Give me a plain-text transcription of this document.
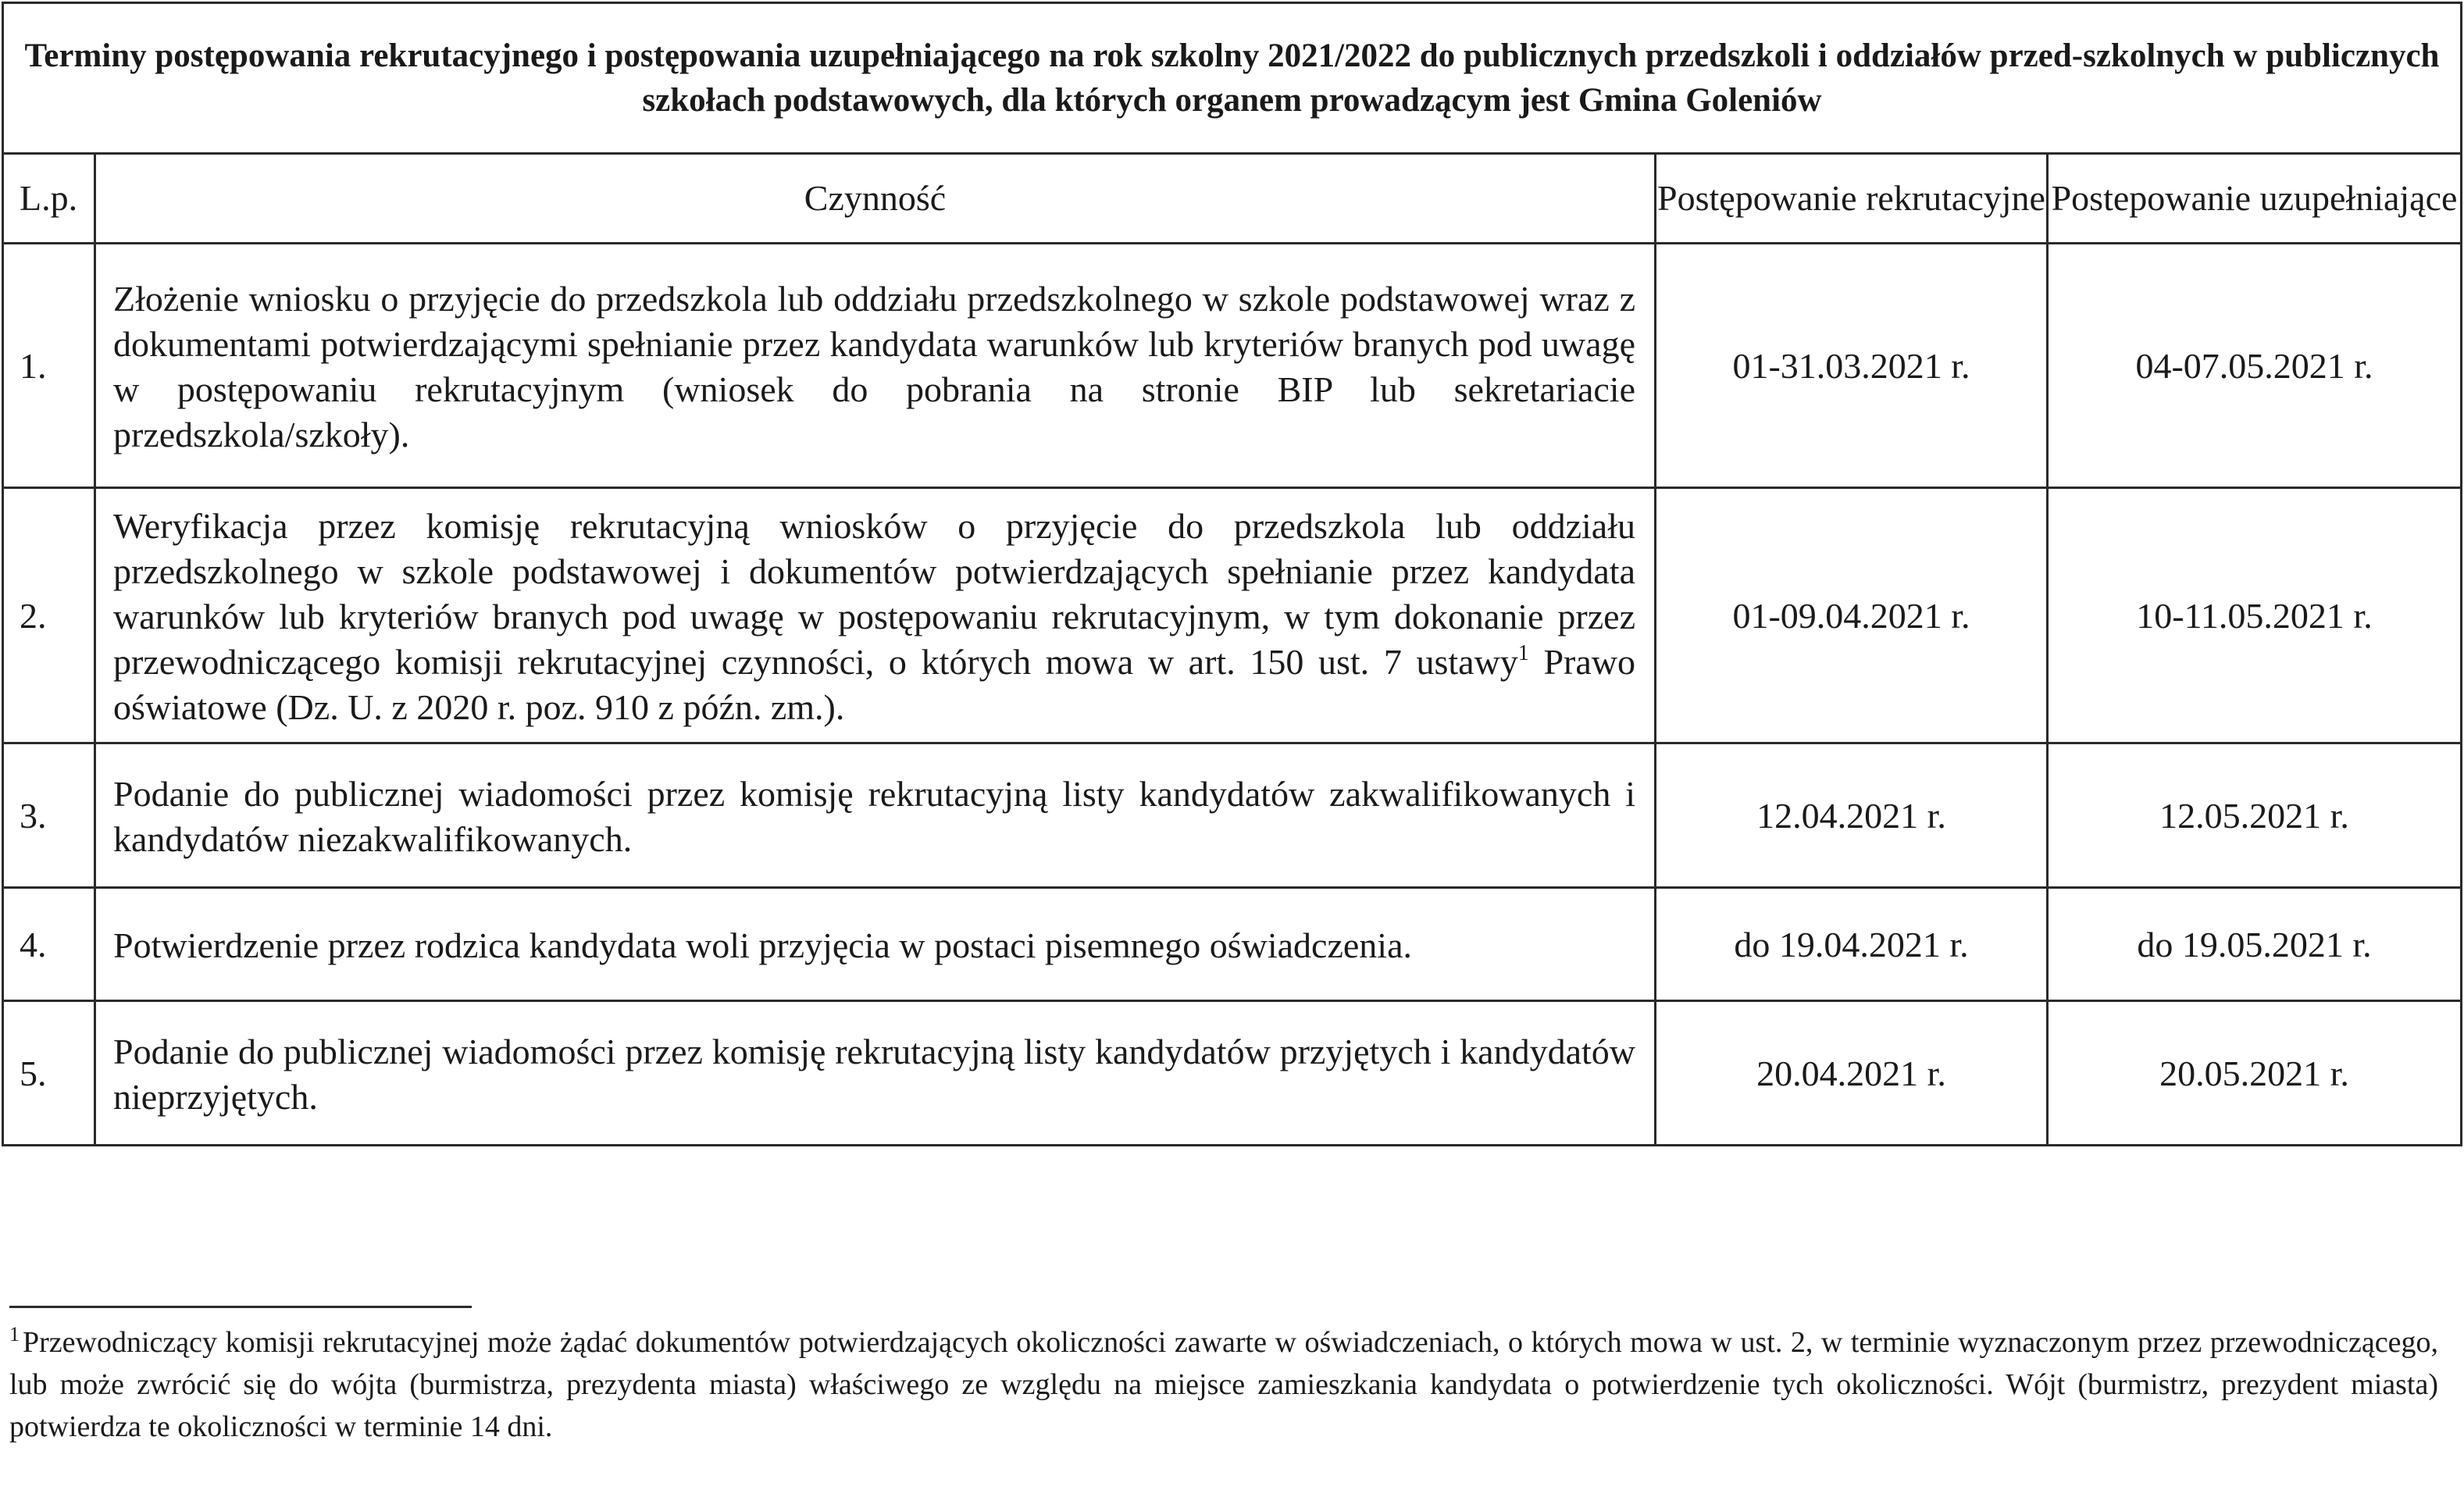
Terminy postępowania rekrutacyjnego i postępowania uzupełniającego na rok szkolny 2021/2022 do publicznych przedszkoli i oddziałów przed-szkolnych w publicznych szkołach podstawowych, dla których organem prowadzącym jest Gmina Goleniów			
L.p.	Czynność	Postępowanie rekrutacyjne	Postepowanie uzupełniające
1.	Złożenie wniosku o przyjęcie do przedszkola lub oddziału przedszkolnego w szkole podstawowej wraz z dokumentami potwierdzającymi spełnianie przez kandydata warunków lub kryteriów branych pod uwagę w postępowaniu rekrutacyjnym (wniosek do pobrania na stronie BIP lub sekretariacie przedszkola/szkoły).	01-31.03.2021 r.	04-07.05.2021 r.
2.	Weryfikacja przez komisję rekrutacyjną wniosków o przyjęcie do przedszkola lub oddziału przedszkolnego w szkole podstawowej i dokumentów potwierdzających spełnianie przez kandydata warunków lub kryteriów branych pod uwagę w postępowaniu rekrutacyjnym, w tym dokonanie przez przewodniczącego komisji rekrutacyjnej czynności, o których mowa w art. 150 ust. 7 ustawy$^1$ Prawo oświatowe (Dz. U. z 2020 r. poz. 910 z późn. zm.).	01-09.04.2021 r.	10-11.05.2021 r.
3.	Podanie do publicznej wiadomości przez komisję rekrutacyjną listy kandydatów zakwalifikowanych i kandydatów niezakwalifikowanych.	12.04.2021 r.	12.05.2021 r.
4.	Potwierdzenie przez rodzica kandydata woli przyjęcia w postaci pisemnego oświadczenia.	do 19.04.2021 r.	do 19.05.2021 r.
5.	Podanie do publicznej wiadomości przez komisję rekrutacyjną listy kandydatów przyjętych i kandydatów nieprzyjętych.	20.04.2021 r.	20.05.2021 r.
$^1$ Przewodniczący komisji rekrutacyjnej może żądać dokumentów potwierdzających okoliczności zawarte w oświadczeniach, o których mowa w ust. 2, w terminie wyznaczonym przez przewodniczącego, lub może zwrócić się do wójta (burmistrza, prezydenta miasta) właściwego ze względu na miejsce zamieszkania kandydata o potwierdzenie tych okoliczności. Wójt (burmistrz, prezydent miasta) potwierdza te okoliczności w terminie 14 dni.
